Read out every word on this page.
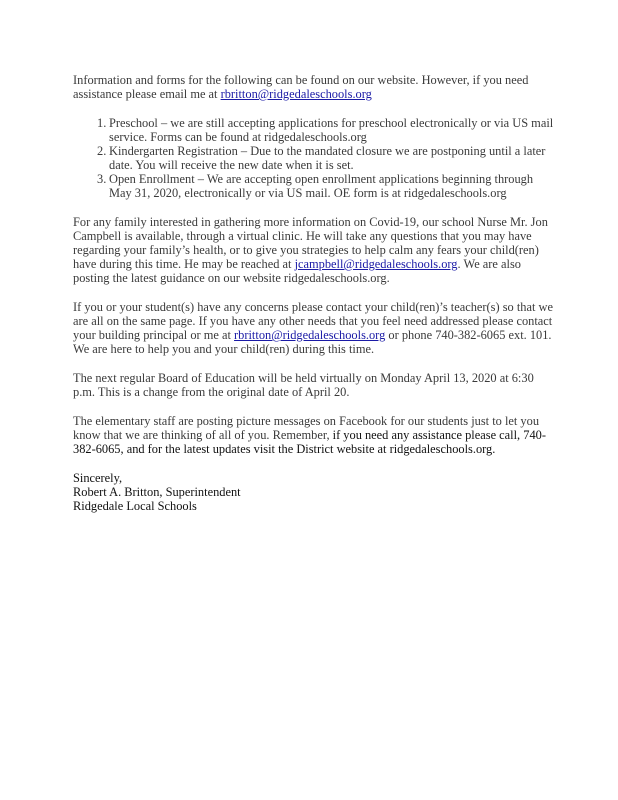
Information and forms for the following can be found on our website. However, if you need
assistance please email me at rbritton@ridgedaleschools.org
1. Preschool – we are still accepting applications for preschool electronically or via US mail
service. Forms can be found at ridgedaleschools.org
2. Kindergarten Registration – Due to the mandated closure we are postponing until a later
date. You will receive the new date when it is set.
3. Open Enrollment – We are accepting open enrollment applications beginning through
May 31, 2020, electronically or via US mail. OE form is at ridgedaleschools.org
For any family interested in gathering more information on Covid-19, our school Nurse Mr. Jon
Campbell is available, through a virtual clinic. He will take any questions that you may have
regarding your family’s health, or to give you strategies to help calm any fears your child(ren)
have during this time. He may be reached at jcampbell@ridgedaleschools.org. We are also
posting the latest guidance on our website ridgedaleschools.org.
If you or your student(s) have any concerns please contact your child(ren)’s teacher(s) so that we
are all on the same page. If you have any other needs that you feel need addressed please contact
your building principal or me at rbritton@ridgedaleschools.org or phone 740-382-6065 ext. 101.
We are here to help you and your child(ren) during this time.
The next regular Board of Education will be held virtually on Monday April 13, 2020 at 6:30
p.m. This is a change from the original date of April 20.
The elementary staff are posting picture messages on Facebook for our students just to let you
know that we are thinking of all of you. Remember, if you need any assistance please call, 740-
382-6065, and for the latest updates visit the District website at ridgedaleschools.org.
Sincerely,
Robert A. Britton, Superintendent
Ridgedale Local Schools
